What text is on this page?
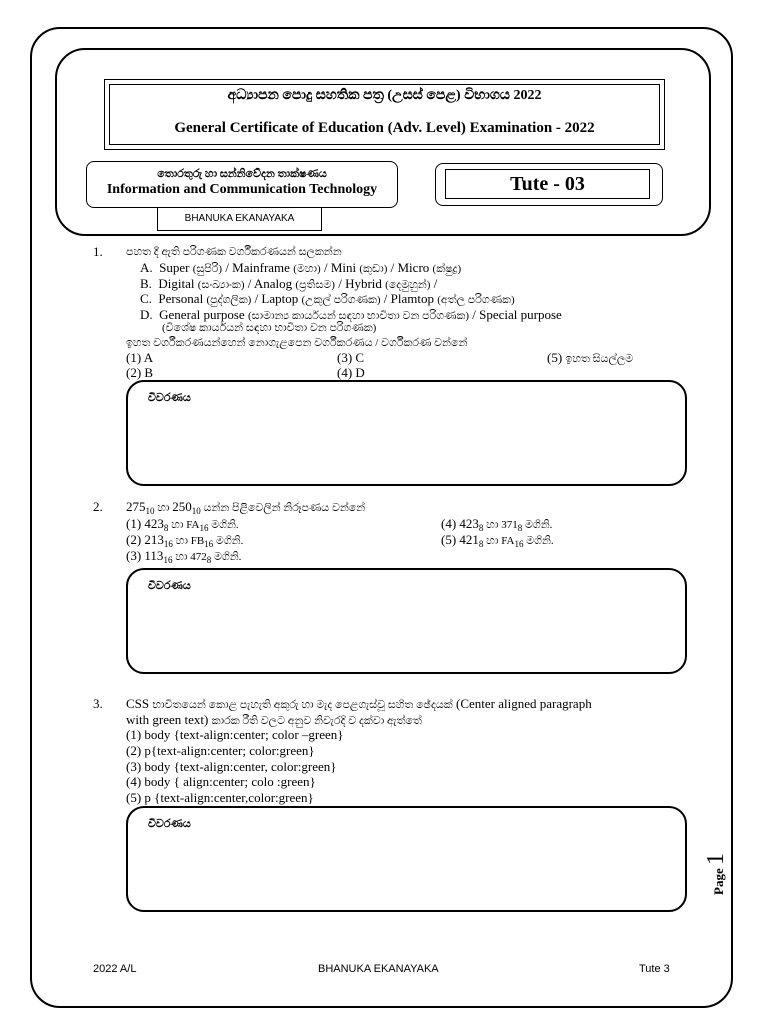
අධ්‍යාපන පොදු සහතික පත්‍ර (උසස් පෙළ) විභාගය 2022
General Certificate of Education (Adv. Level) Examination - 2022
තොරතුරු හා සන්නිවේදන තාක්ෂණය
Information and Communication Technology
BHANUKA EKANAYAKA
Tute - 03
1. පහත දී ඇති පරිගණක වර්ගීකරණයන් සලකන්න
A. Super (සුපිරි) / Mainframe (මහා) / Mini (කුඩා) / Micro (ක්ෂුද්‍ර)
B. Digital (සංඛ්‍යාංක) / Analog (ප්‍රතිසම) / Hybrid (දෙමුහුන්) /
C. Personal (පුද්ගලික) / Laptop (උකුල් පරිගණක) / Plamtop (අත්ල පරිගණක)
D. General purpose (සාමාන්‍ය කාර්යයන් සඳහා භාවිතා වන පරිගණක) / Special purpose
(විශේෂ කාර්යයන් සඳහා භාවිතා වන පරිගණක)
ඉහත වර්ගීකරණයන්හෙන් නොගැළපෙන වර්ගීකරණය / වර්ගීකරණ වන්නේ
(1) A
(2) B
(3) C
(4) D
(5) ඉහත සියල්ලම
විවරණය
2. $275_{10}$ හා $250_{10}$ යන්න පිළිවෙලින් නිරූපණය වන්නේ
(1) $423_8$ හා $FA_{16}$ මගිනි.
(2) $213_{16}$ හා $FB_{16}$ මගිනි.
(3) $113_{16}$ හා $472_8$ මගිනි.
(4) $423_8$ හා $371_8$ මගිනි.
(5) $421_8$ හා $FA_{16}$ මගිනි.
විවරණය
3. CSS භාවිතයෙන් කොළ පැහැති අකුරු හා මැද පෙළගැස්වූ සහිත ඡේදයක් (Center aligned paragraph
with green text) කාරක රීති වලට අනුව නිවැරදි ව දක්වා ඇත්තේ
(1) body {text-align:center; color –green}
(2) p{text-align:center; color:green}
(3) body {text-align:center, color:green}
(4) body { align:center; colo :green}
(5) p {text-align:center,color:green}
විවරණය
Page 1
2022 A/L	BHANUKA EKANAYAKA	Tute 3
